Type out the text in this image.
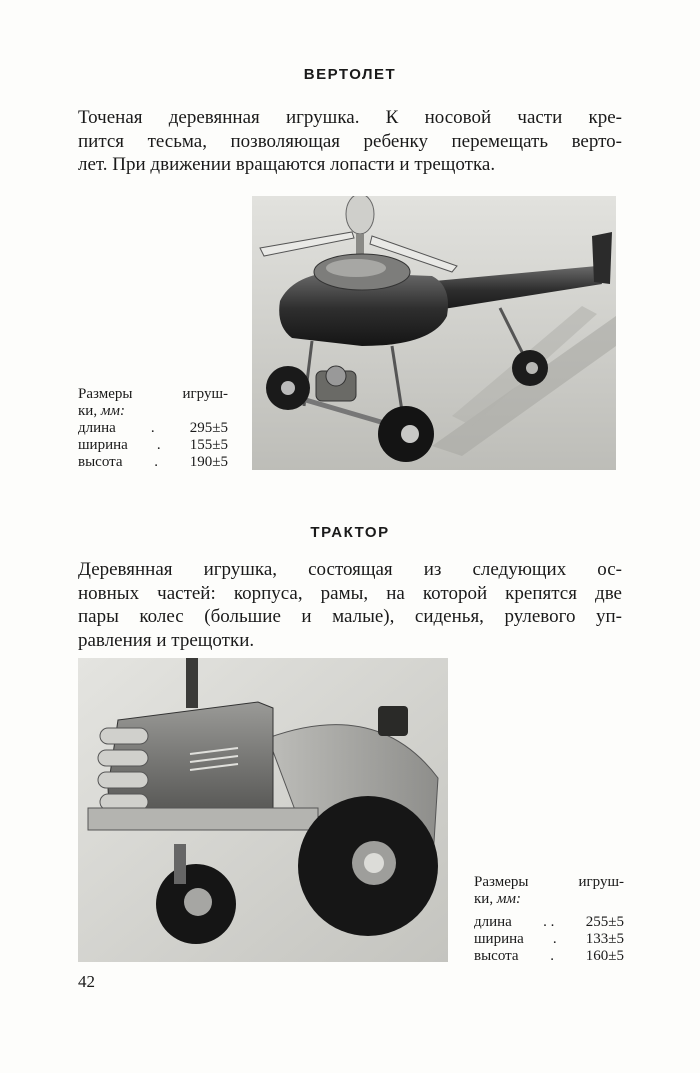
ВЕРТОЛЕТ

Точеная деревянная игрушка. К носовой части кре-
пится тесьма, позволяющая ребенку перемещать верто-
лет. При движении вращаются лопасти и трещотка.

Размеры игруш-
ки, мм:
длина	.	295±5
ширина	.	155±5
высота	.	190±5
ТРАКТОР

Деревянная игрушка, состоящая из следующих ос-
новных частей: корпуса, рамы, на которой крепятся две
пары колес (большие и малые), сиденья, рулевого уп-
равления и трещотки.

Размеры игруш-
ки, мм:
длина	. .	255±5
ширина	.	133±5
высота	.	160±5
42
